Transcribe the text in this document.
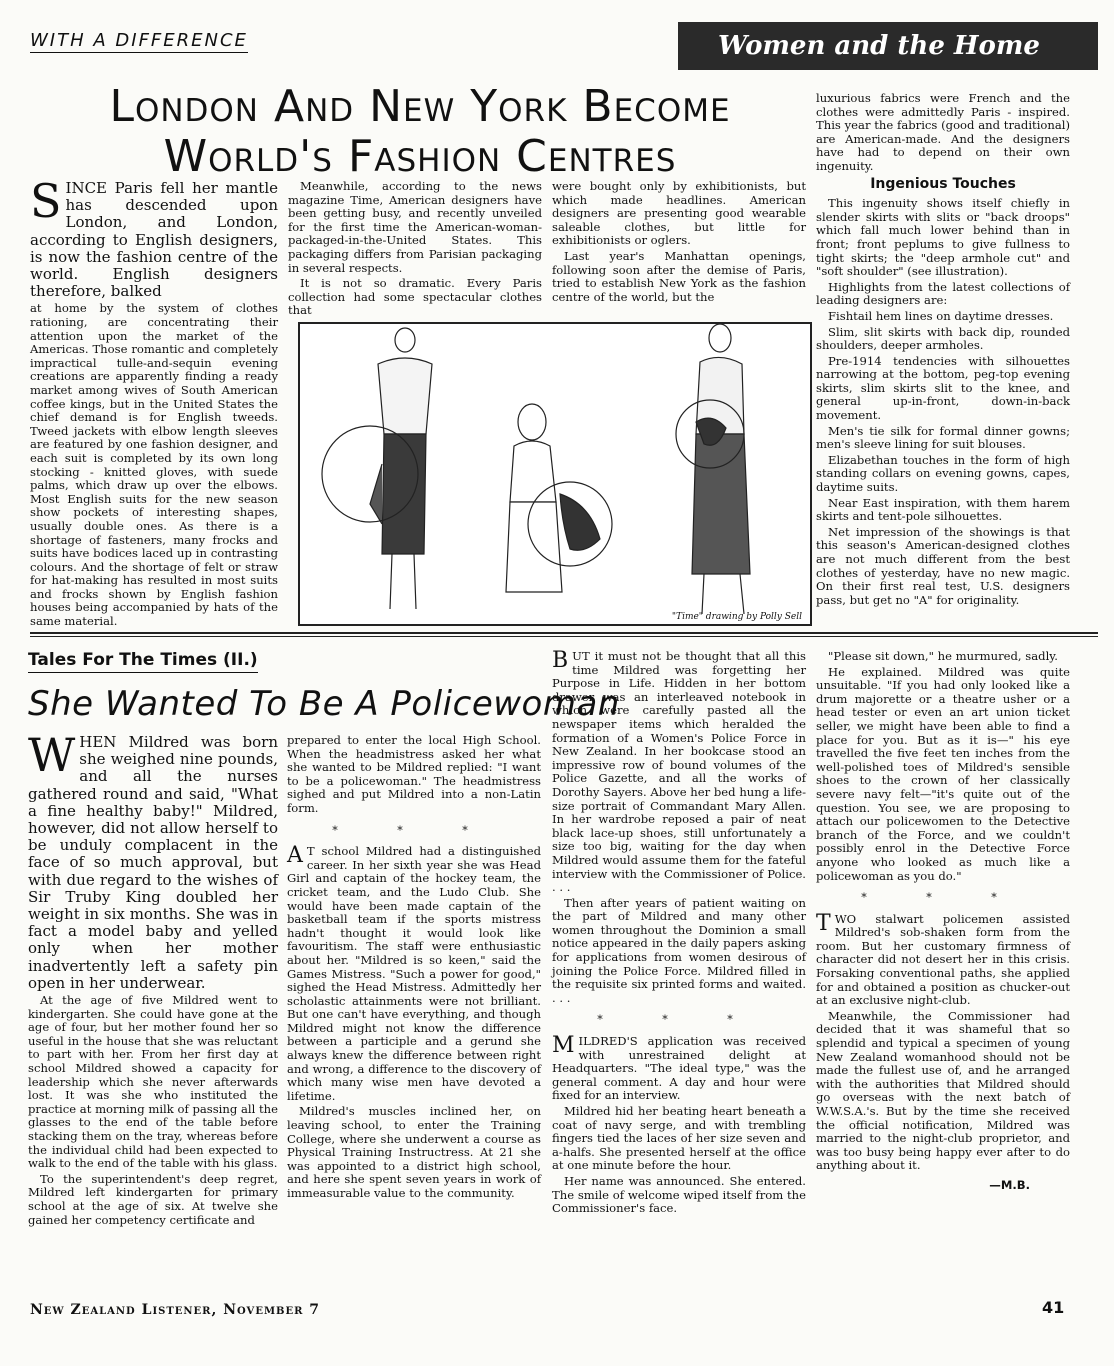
WITH A DIFFERENCE	Women and the Home
London And New York Become
World's Fashion Centres

SINCE Paris fell her mantle has descended upon London, and London, according to English designers, is now the fashion centre of the world. English designers therefore, balked

at home by the system of clothes rationing, are concentrating their attention upon the market of the Americas. Those romantic and completely impractical tulle-and-sequin evening creations are apparently finding a ready market among wives of South American coffee kings, but in the United States the chief demand is for English tweeds. Tweed jackets with elbow length sleeves are featured by one fashion designer, and each suit is completed by its own long stocking - knitted gloves, with suede palms, which draw up over the elbows. Most English suits for the new season show pockets of interesting shapes, usually double ones. As there is a shortage of fasteners, many frocks and suits have bodices laced up in contrasting colours. And the shortage of felt or straw for hat-making has resulted in most suits and frocks shown by English fashion houses being accompanied by hats of the same material.

Meanwhile, according to the news magazine Time, American designers have been getting busy, and recently unveiled for the first time the American-woman-packaged-in-the-United States. This packaging differs from Parisian packaging in several respects.

It is not so dramatic. Every Paris collection had some spectacular clothes that

were bought only by exhibitionists, but which made headlines. American designers are presenting good wearable saleable clothes, but little for exhibitionists or oglers.

Last year's Manhattan openings, following soon after the demise of Paris, tried to establish New York as the fashion centre of the world, but the

luxurious fabrics were French and the clothes were admittedly Paris - inspired. This year the fabrics (good and traditional) are American-made. And the designers have had to depend on their own ingenuity.

Ingenious Touches

This ingenuity shows itself chiefly in slender skirts with slits or "back droops" which fall much lower behind than in front; front peplums to give fullness to tight skirts; the "deep armhole cut" and "soft shoulder" (see illustration).

Highlights from the latest collections of leading designers are:

Fishtail hem lines on daytime dresses.

Slim, slit skirts with back dip, rounded shoulders, deeper armholes.

Pre-1914 tendencies with silhouettes narrowing at the bottom, peg-top evening skirts, slim skirts slit to the knee, and general up-in-front, down-in-back movement.

Men's tie silk for formal dinner gowns; men's sleeve lining for suit blouses.

Elizabethan touches in the form of high standing collars on evening gowns, capes, daytime suits.

Near East inspiration, with them harem skirts and tent-pole silhouettes.

Net impression of the showings is that this season's American-designed clothes are not much different from the best clothes of yesterday, have no new magic. On their first real test, U.S. designers pass, but get no "A" for originality.

"Time" drawing by Polly Sell
Tales For The Times (II.)
She Wanted To Be A Policewoman

WHEN Mildred was born she weighed nine pounds, and all the nurses gathered round and said, "What a fine healthy baby!" Mildred, however, did not allow herself to be unduly complacent in the face of so much approval, but with due regard to the wishes of Sir Truby King doubled her weight in six months. She was in fact a model baby and yelled only when her mother inadvertently left a safety pin open in her underwear.

At the age of five Mildred went to kindergarten. She could have gone at the age of four, but her mother found her so useful in the house that she was reluctant to part with her. From her first day at school Mildred showed a capacity for leadership which she never afterwards lost. It was she who instituted the practice at morning milk of passing all the glasses to the end of the table before stacking them on the tray, whereas before the individual child had been expected to walk to the end of the table with his glass.

To the superintendent's deep regret, Mildred left kindergarten for primary school at the age of six. At twelve she gained her competency certificate and

prepared to enter the local High School. When the headmistress asked her what she wanted to be Mildred replied: "I want to be a policewoman." The headmistress sighed and put Mildred into a non-Latin form.

* * *

A T school Mildred had a distinguished career. In her sixth year she was Head Girl and captain of the hockey team, the cricket team, and the Ludo Club. She would have been made captain of the basketball team if the sports mistress hadn't thought it would look like favouritism. The staff were enthusiastic about her. "Mildred is so keen," said the Games Mistress. "Such a power for good," sighed the Head Mistress. Admittedly her scholastic attainments were not brilliant. But one can't have everything, and though Mildred might not know the difference between a participle and a gerund she always knew the difference between right and wrong, a difference to the discovery of which many wise men have devoted a lifetime.

Mildred's muscles inclined her, on leaving school, to enter the Training College, where she underwent a course as Physical Training Instructress. At 21 she was appointed to a district high school, and here she spent seven years in work of immeasurable value to the community.

BUT it must not be thought that all this time Mildred was forgetting her Purpose in Life. Hidden in her bottom drawer was an interleaved notebook in which were carefully pasted all the newspaper items which heralded the formation of a Women's Police Force in New Zealand. In her bookcase stood an impressive row of bound volumes of the Police Gazette, and all the works of Dorothy Sayers. Above her bed hung a life-size portrait of Commandant Mary Allen. In her wardrobe reposed a pair of neat black lace-up shoes, still unfortunately a size too big, waiting for the day when Mildred would assume them for the fateful interview with the Commissioner of Police. . . .

Then after years of patient waiting on the part of Mildred and many other women throughout the Dominion a small notice appeared in the daily papers asking for applications from women desirous of joining the Police Force. Mildred filled in the requisite six printed forms and waited. . . .

* * *

MILDRED'S application was received with unrestrained delight at Headquarters. "The ideal type," was the general comment. A day and hour were fixed for an interview.

Mildred hid her beating heart beneath a coat of navy serge, and with trembling fingers tied the laces of her size seven and a-halfs. She presented herself at the office at one minute before the hour.

Her name was announced. She entered. The smile of welcome wiped itself from the Commissioner's face.

"Please sit down," he murmured, sadly.

He explained. Mildred was quite unsuitable. "If you had only looked like a drum majorette or a theatre usher or a head tester or even an art union ticket seller, we might have been able to find a place for you. But as it is—" his eye travelled the five feet ten inches from the well-polished toes of Mildred's sensible shoes to the crown of her classically severe navy felt—"it's quite out of the question. You see, we are proposing to attach our policewomen to the Detective branch of the Force, and we couldn't possibly enrol in the Detective Force anyone who looked as much like a policewoman as you do."

* * *

TWO stalwart policemen assisted Mildred's sob-shaken form from the room. But her customary firmness of character did not desert her in this crisis. Forsaking conventional paths, she applied for and obtained a position as chucker-out at an exclusive night-club.

Meanwhile, the Commissioner had decided that it was shameful that so splendid and typical a specimen of young New Zealand womanhood should not be made the fullest use of, and he arranged with the authorities that Mildred should go overseas with the next batch of W.W.S.A.'s. But by the time she received the official notification, Mildred was married to the night-club proprietor, and was too busy being happy ever after to do anything about it.

—M.B.
New Zealand Listener, November 7	41
